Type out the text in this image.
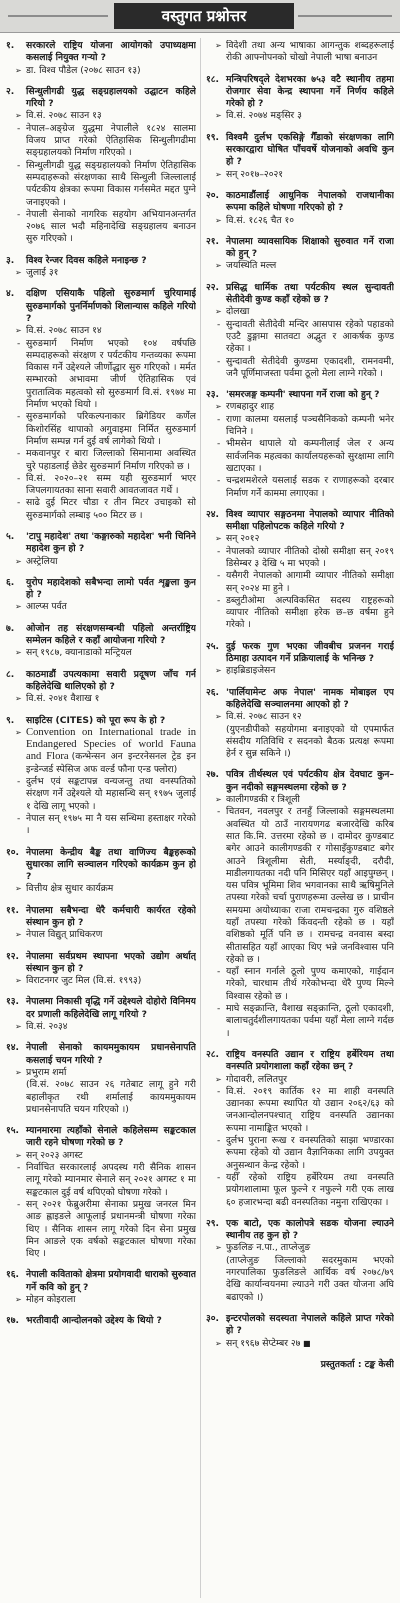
वस्तुगत प्रश्नोत्तर
१. सरकारले राष्ट्रिय योजना आयोगको उपाध्यक्षमा कसलाई नियुक्त गर्‍यो ?
➢ डा. विश्व पौडेल (२०७८ साउन १३)
२. सिन्धुलीगढी युद्ध सङ्ग्रहालयको उद्घाटन कहिले गरियो ?
➢ वि.सं. २०७८ साउन १३
- नेपाल–अङ्ग्रेज युद्धमा नेपालीले १८२४ सालमा विजय प्राप्त गरेको ऐतिहासिक सिन्धुलीगढीमा सङ्ग्रहालयको निर्माण गरिएको ।
- सिन्धुलीगढी युद्ध सङ्ग्रहालयको निर्माण ऐतिहासिक सम्पदाहरूको संरक्षणका साथै सिन्धुली जिल्लालाई पर्यटकीय क्षेत्रका रूपमा विकास गर्नसमेत मद्दत पुग्ने जनाइएको ।
- नेपाली सेनाको नागरिक सहयोग अभियानअन्तर्गत २०७६ साल भदौ महिनादेखि सङ्ग्रहालय बनाउन सुरु गरिएको ।
३. विश्व रेन्जर दिवस कहिले मनाइन्छ ?
➢ जुलाई ३१
४. दक्षिण एसियाकै पहिलो सुरुङमार्ग चुरियामाई सुरुङमार्गको पुनर्निर्माणको शिलान्यास कहिले गरियो ?
➢ वि.सं. २०७८ साउन १४
- सुरुङमार्ग निर्माण भएको १०४ वर्षपछि सम्पदाहरूको संरक्षण र पर्यटकीय गन्तव्यका रूपमा विकास गर्ने उद्देश्यले जीर्णोद्धार सुरु गरिएको । मर्मत सम्भारको अभावमा जीर्ण ऐतिहासिक एवं पुरातात्विक महत्वको सो सुरुङमार्ग वि.सं. १९७४ मा निर्माण भएको थियो ।
- सुरुङमार्गको परिकल्पनाकार ब्रिगेडियर कर्णेल किशोरसिंह थापाको अगुवाइमा निर्मित सुरुङमार्ग निर्माण सम्पन्न गर्न दुई वर्ष लागेको थियो ।
- मकवानपुर र बारा जिल्लाको सिमानामा अवस्थित चुरे पहाडलाई छेडेर सुरुङमार्ग निर्माण गरिएको छ ।
- वि.सं. २०२०–२१ सम्म यही सुरुङमार्ग भएर जिपलगायतका साना सवारी आवतजावत गर्थे ।
- साढे दुई मिटर चौडा र तीन मिटर उचाइको सो सुरुङमार्गको लम्बाइ ५०० मिटर छ ।
५. 'टापु महादेश' तथा 'कङ्गारुको महादेश' भनी चिनिने महादेश कुन हो ?
➢ अस्ट्रेलिया
६. युरोप महादेशको सबैभन्दा लामो पर्वत शृङ्खला कुन हो ?
➢ आल्प्स पर्वत
७. ओजोन तह संरक्षणसम्बन्धी पहिलो अन्तर्राष्ट्रिय सम्मेलन कहिले र कहाँ आयोजना गरियो ?
➢ सन् १९८७, क्यानाडाको मन्ट्रियल
८. काठमाडौं उपत्यकामा सवारी प्रदूषण जाँच गर्न कहिलेदेखि थालिएको हो ?
➢ वि.सं. २०४१ वैशाख १
९. साइटिस (CITES) को पूरा रूप के हो ?
➢ Convention on International trade in Endangered Species of world Fauna and Flora (कन्भेन्सन अन इन्टरनेसनल ट्रेड इन इन्डेन्जर्ड स्पेसिज अफ वर्ल्ड फौना एन्ड फ्लोरा)
- दुर्लभ एवं सङ्कटापन्न वन्यजन्तु तथा वनस्पतिको संरक्षण गर्ने उद्देश्यले यो महासन्धि सन् १९७५ जुलाई १ देखि लागू भएको ।
- नेपाल सन् १९७५ मा नै यस सन्धिमा हस्ताक्षर गरेको ।
१०. नेपालमा केन्द्रीय बैङ्क तथा वाणिज्य बैङ्कहरूको सुधारका लागि सञ्चालन गरिएको कार्यक्रम कुन हो ?
➢ वित्तीय क्षेत्र सुधार कार्यक्रम
११. नेपालमा सबैभन्दा धेरै कर्मचारी कार्यरत रहेको संस्थान कुन हो ?
➢ नेपाल विद्युत् प्राधिकरण
१२. नेपालमा सर्वप्रथम स्थापना भएको उद्योग अर्थात् संस्थान कुन हो ?
➢ विराटनगर जुट मिल (वि.सं. १९९३)
१३. नेपालमा निकासी वृद्धि गर्ने उद्देश्यले दोहोरो विनिमय दर प्रणाली कहिलेदेखि लागू गरियो ?
➢ वि.सं. २०३४
१४. नेपाली सेनाको कायममुकायम प्रधानसेनापति कसलाई चयन गरियो ?
➢ प्रभुराम शर्मा
(वि.सं. २०७८ साउन २६ गतेबाट लागू हुने गरी बहालीकृत रथी शर्मालाई कायममुकायम प्रधानसेनापति चयन गरिएको ।)
१५. म्यानमारमा त्यहाँको सेनाले कहिलेसम्म सङ्कटकाल जारी रहने घोषणा गरेको छ ?
➢ सन् २०२३ अगस्ट
- निर्वाचित सरकारलाई अपदस्थ गरी सैनिक शासन लागू गरेको म्यानमार सेनाले सन् २०२१ अगस्ट १ मा सङ्कटकाल दुई वर्ष थपिएको घोषणा गरेको ।
- सन् २०२१ फेब्रुअरीमा सेनाका प्रमुख जनरल मिन आङ ह्लाइङले आफूलाई प्रधानमन्त्री घोषणा गरेका थिए । सैनिक शासन लागू गरेको दिन सेना प्रमुख मिन आङले एक वर्षको सङ्कटकाल घोषणा गरेका थिए ।
१६. नेपाली कविताको क्षेत्रमा प्रयोगवादी धाराको सुरुवात गर्ने कवि को हुन् ?
➢ मोहन कोइराला
१७. भरतीवादी आन्दोलनको उद्देश्य के थियो ?
➢ विदेशी तथा अन्य भाषाका आगन्तुक शब्दहरूलाई रोकी आफ्नोपनको चोखो नेपाली भाषा बनाउन
१८. मन्त्रिपरिषद्ले देशभरका ७५३ वटै स्थानीय तहमा रोजगार सेवा केन्द्र स्थापना गर्ने निर्णय कहिले गरेको हो ?
➢ वि.सं. २०७४ मङ्सिर ३
१९. विश्वमै दुर्लभ एकसिङ्गे गैँडाको संरक्षणका लागि सरकारद्वारा घोषित पाँचवर्षे योजनाको अवधि कुन हो ?
➢ सन् २०१७–२०२१
२०. काठमाडौंलाई आधुनिक नेपालको राजधानीका रूपमा कहिले घोषणा गरिएको हो ?
➢ वि.सं. १८२६ चैत १०
२१. नेपालमा व्यावसायिक शिक्षाको सुरुवात गर्ने राजा को हुन् ?
➢ जयस्थिति मल्ल
२२. प्रसिद्ध धार्मिक तथा पर्यटकीय स्थल सुन्दावती सेतीदेवी कुण्ड कहाँ रहेको छ ?
➢ दोलखा
- सुन्दावती सेतीदेवी मन्दिर आसपास रहेको पहाडको एउटै डुङ्गामा सातवटा अद्भुत र आकर्षक कुण्ड रहेका ।
- सुन्दावती सेतीदेवी कुण्डमा एकादशी, रामनवमी, जनै पूर्णिमाजस्ता पर्वमा ठूलो मेला लाग्ने गरेको ।
२३. 'समरजङ्ग कम्पनी' स्थापना गर्ने राजा को हुन् ?
➢ रणबहादुर शाह
- राणा कालमा यसलाई पञ्चसैनिकको कम्पनी भनेर चिनिने ।
- भीमसेन थापाले यो कम्पनीलाई जेल र अन्य सार्वजनिक महत्वका कार्यालयहरूको सुरक्षामा लागि खटाएका ।
- चन्द्रशमशेरले यसलाई सडक र राणाहरूको दरबार निर्माण गर्ने काममा लगाएका ।
२४. विश्व व्यापार सङ्गठनमा नेपालको व्यापार नीतिको समीक्षा पहिलोपटक कहिले गरियो ?
➢ सन् २०१२
- नेपालको व्यापार नीतिको दोस्रो समीक्षा सन् २०१९ डिसेम्बर ३ देखि ५ मा भएको ।
- यसैगरी नेपालको आगामी व्यापार नीतिको समीक्षा सन् २०२४ मा हुने ।
- डब्लुटीओमा अल्पविकसित सदस्य राष्ट्रहरूको व्यापार नीतिको समीक्षा हरेक छ–छ वर्षमा हुने गरेको ।
२५. दुई फरक गुण भएका जीवबीच प्रजनन गराई ठिमाहा उत्पादन गर्ने प्रक्रियालाई के भनिन्छ ?
➢ हाइब्रिडाइजेसन
२६. 'पार्लियामेन्ट अफ नेपाल' नामक मोबाइल एप कहिलेदेखि सञ्चालनमा आएको हो ?
➢ वि.सं. २०७८ साउन १२
(युएनडीपीको सहयोगमा बनाइएको यो एपमार्फत संसदीय गतिविधि र सदनको बैठक प्रत्यक्ष रूपमा हेर्न र सुन्न सकिने ।)
२७. पवित्र तीर्थस्थल एवं पर्यटकीय क्षेत्र देवघाट कुन–कुन नदीको सङ्गमस्थलमा रहेको छ ?
➢ कालीगण्डकी र त्रिशूली
- चितवन, नवलपुर र तनहुँ जिल्लाको सङ्गमस्थलमा अवस्थित यो ठाउँ नारायणगढ बजारदेखि करिब सात कि.मि. उत्तरमा रहेको छ । दामोदर कुण्डबाट बगेर आउने कालीगण्डकी र गोसाइँकुण्डबाट बगेर आउने त्रिशूलीमा सेती, मर्स्याङ्दी, दरौदी, माडीलगायतका नदी पनि मिसिएर यहाँ आइपुग्छन् । यस पवित्र भूमिमा शिव भगवानका साथै ऋषिमुनिले तपस्या गरेको चर्चा पुराणहरूमा उल्लेख छ । प्राचीन समयमा अयोध्याका राजा रामचन्द्रका गुरु वशिष्ठले यहाँ तपस्या गरेको किंवदन्ती रहेको छ । यहाँ वशिष्ठको मूर्ति पनि छ । रामचन्द्र वनवास बस्दा सीतासहित यहाँ आएका थिए भन्ने जनविश्वास पनि रहेको छ ।
- यहाँ स्नान गर्नाले ठूलो पुण्य कमाएको, गाईदान गरेको, चारधाम तीर्थ गरेकोभन्दा धेरै पुण्य मिल्ने विश्वास रहेको छ ।
- माघे सङ्क्रान्ति, वैशाख सङ्क्रान्ति, ठूलो एकादशी, बालाचतुर्दशीलगायतका पर्वमा यहाँ मेला लाग्ने गर्दछ ।
२८. राष्ट्रिय वनस्पति उद्यान र राष्ट्रिय हर्बेरियम तथा वनस्पति प्रयोगशाला कहाँ रहेका छन् ?
➢ गोदावरी, ललितपुर
- वि.सं. २०१९ कार्तिक १२ मा शाही वनस्पति उद्यानका रूपमा स्थापित यो उद्यान २०६२/६३ को जनआन्दोलनपश्चात् राष्ट्रिय वनस्पति उद्यानका रूपमा नामाङ्कित भएको ।
- दुर्लभ पुराना रूख र वनस्पतिको साझा भण्डारका रूपमा रहेको यो उद्यान वैज्ञानिकका लागि उपयुक्त अनुसन्धान केन्द्र रहेको ।
- यहीँ रहेको राष्ट्रिय हर्बेरियम तथा वनस्पति प्रयोगशालामा फूल फुल्ने र नफुल्ने गरी एक लाख ६० हजारभन्दा बढी वनस्पतिका नमुना राखिएका ।
२९. एक बाटो, एक कालोपत्रे सडक योजना ल्याउने स्थानीय तह कुन हो ?
➢ फुङलिङ न.पा., ताप्लेजुङ
(ताप्लेजुङ जिल्लाको सदरमुकाम भएको नगरपालिका फुङलिङले आर्थिक वर्ष २०७८/७९ देखि कार्यान्वयनमा ल्याउने गरी उक्त योजना अघि बढाएको ।)
३०. इन्टरपोलको सदस्यता नेपालले कहिले प्राप्त गरेको हो ?
➢ सन् १९६७ सेप्टेम्बर २७ ■

प्रस्तुतकर्ता : टङ्क केसी
